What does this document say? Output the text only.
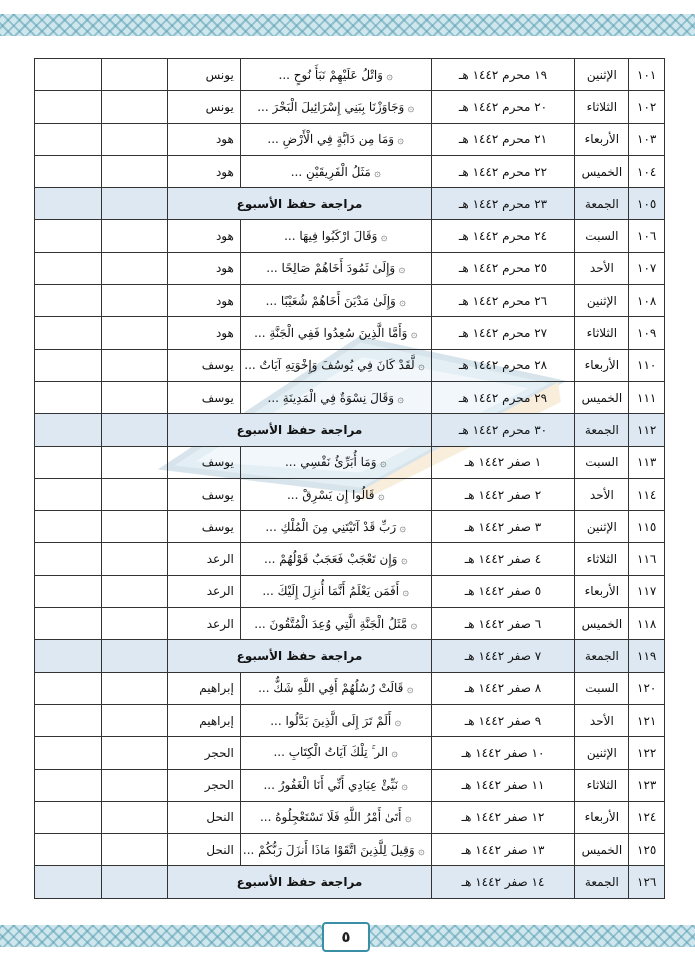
١٠١	الإثنين	١٩ محرم ١٤٤٢ هـ	۞ وَاتْلُ عَلَيْهِمْ نَبَأَ نُوحٍ ...	يونس		
١٠٢	الثلاثاء	٢٠ محرم ١٤٤٢ هـ	۞ وَجَاوَزْنَا بِبَنِي إِسْرَائِيلَ الْبَحْرَ ...	يونس		
١٠٣	الأربعاء	٢١ محرم ١٤٤٢ هـ	۞ وَمَا مِن دَابَّةٍ فِي الْأَرْضِ ...	هود		
١٠٤	الخميس	٢٢ محرم ١٤٤٢ هـ	۞ مَثَلُ الْفَرِيقَيْنِ ...	هود		
١٠٥	الجمعة	٢٣ محرم ١٤٤٢ هـ	مراجعة حفظ الأسبوع			
١٠٦	السبت	٢٤ محرم ١٤٤٢ هـ	۞ وَقَالَ ارْكَبُوا فِيهَا ...	هود		
١٠٧	الأحد	٢٥ محرم ١٤٤٢ هـ	۞ وَإِلَىٰ ثَمُودَ أَخَاهُمْ صَالِحًا ...	هود		
١٠٨	الإثنين	٢٦ محرم ١٤٤٢ هـ	۞ وَإِلَىٰ مَدْيَنَ أَخَاهُمْ شُعَيْبًا ...	هود		
١٠٩	الثلاثاء	٢٧ محرم ١٤٤٢ هـ	۞ وَأَمَّا الَّذِينَ سُعِدُوا فَفِي الْجَنَّةِ ...	هود		
١١٠	الأربعاء	٢٨ محرم ١٤٤٢ هـ	۞ لَّقَدْ كَانَ فِي يُوسُفَ وَإِخْوَتِهِ آيَاتٌ ...	يوسف		
١١١	الخميس	٢٩ محرم ١٤٤٢ هـ	۞ وَقَالَ نِسْوَةٌ فِي الْمَدِينَةِ ...	يوسف		
١١٢	الجمعة	٣٠ محرم ١٤٤٢ هـ	مراجعة حفظ الأسبوع			
١١٣	السبت	١ صفر ١٤٤٢ هـ	۞ وَمَا أُبَرِّئُ نَفْسِي ...	يوسف		
١١٤	الأحد	٢ صفر ١٤٤٢ هـ	۞ قَالُوا إِن يَسْرِقْ ...	يوسف		
١١٥	الإثنين	٣ صفر ١٤٤٢ هـ	۞ رَبِّ قَدْ آتَيْتَنِي مِنَ الْمُلْكِ ...	يوسف		
١١٦	الثلاثاء	٤ صفر ١٤٤٢ هـ	۞ وَإِن تَعْجَبْ فَعَجَبٌ قَوْلُهُمْ ...	الرعد		
١١٧	الأربعاء	٥ صفر ١٤٤٢ هـ	۞ أَفَمَن يَعْلَمُ أَنَّمَا أُنزِلَ إِلَيْكَ ...	الرعد		
١١٨	الخميس	٦ صفر ١٤٤٢ هـ	۞ مَّثَلُ الْجَنَّةِ الَّتِي وُعِدَ الْمُتَّقُونَ ...	الرعد		
١١٩	الجمعة	٧ صفر ١٤٤٢ هـ	مراجعة حفظ الأسبوع			
١٢٠	السبت	٨ صفر ١٤٤٢ هـ	۞ قَالَتْ رُسُلُهُمْ أَفِي اللَّهِ شَكٌّ ...	إبراهيم		
١٢١	الأحد	٩ صفر ١٤٤٢ هـ	۞ أَلَمْ تَرَ إِلَى الَّذِينَ بَدَّلُوا ...	إبراهيم		
١٢٢	الإثنين	١٠ صفر ١٤٤٢ هـ	۞ الر ۚ تِلْكَ آيَاتُ الْكِتَابِ ...	الحجر		
١٢٣	الثلاثاء	١١ صفر ١٤٤٢ هـ	۞ نَبِّئْ عِبَادِي أَنِّي أَنَا الْغَفُورُ ...	الحجر		
١٢٤	الأربعاء	١٢ صفر ١٤٤٢ هـ	۞ أَتَىٰ أَمْرُ اللَّهِ فَلَا تَسْتَعْجِلُوهُ ...	النحل		
١٢٥	الخميس	١٣ صفر ١٤٤٢ هـ	۞ وَقِيلَ لِلَّذِينَ اتَّقَوْا مَاذَا أَنزَلَ رَبُّكُمْ ...	النحل		
١٢٦	الجمعة	١٤ صفر ١٤٤٢ هـ	مراجعة حفظ الأسبوع			
٥
